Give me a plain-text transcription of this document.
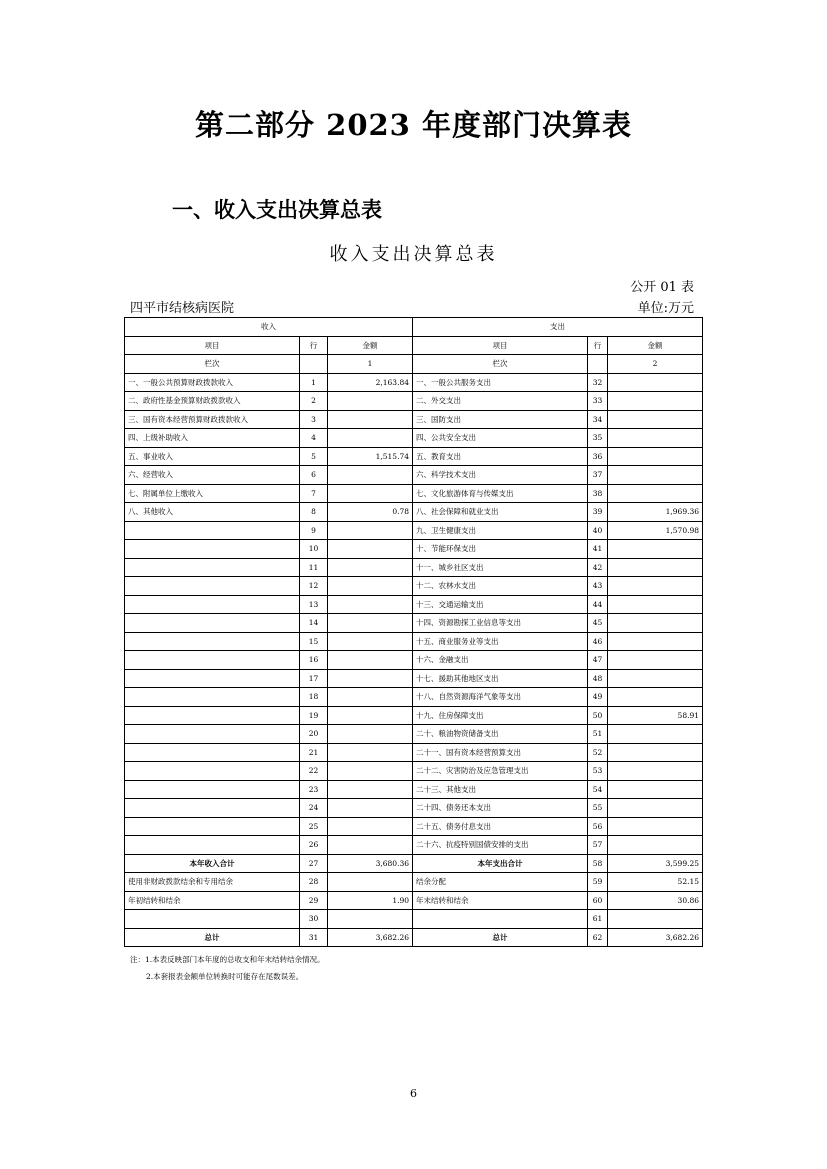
第二部分 2023 年度部门决算表
一、收入支出决算总表
收入支出决算总表
公开 01 表
四平市结核病医院	单位:万元
收入			支出		
项目	行	金额	项目	行	金额
栏次		1	栏次		2
一、一般公共预算财政拨款收入	1	2,163.84	一、一般公共服务支出	32	
二、政府性基金预算财政拨款收入	2		二、外交支出	33	
三、国有资本经营预算财政拨款收入	3		三、国防支出	34	
四、上级补助收入	4		四、公共安全支出	35	
五、事业收入	5	1,515.74	五、教育支出	36	
六、经营收入	6		六、科学技术支出	37	
七、附属单位上缴收入	7		七、文化旅游体育与传媒支出	38	
八、其他收入	8	0.78	八、社会保障和就业支出	39	1,969.36
	9		九、卫生健康支出	40	1,570.98
	10		十、节能环保支出	41	
	11		十一、城乡社区支出	42	
	12		十二、农林水支出	43	
	13		十三、交通运输支出	44	
	14		十四、资源勘探工业信息等支出	45	
	15		十五、商业服务业等支出	46	
	16		十六、金融支出	47	
	17		十七、援助其他地区支出	48	
	18		十八、自然资源海洋气象等支出	49	
	19		十九、住房保障支出	50	58.91
	20		二十、粮油物资储备支出	51	
	21		二十一、国有资本经营预算支出	52	
	22		二十二、灾害防治及应急管理支出	53	
	23		二十三、其他支出	54	
	24		二十四、债务还本支出	55	
	25		二十五、债务付息支出	56	
	26		二十六、抗疫特别国债安排的支出	57	
本年收入合计	27	3,680.36	本年支出合计	58	3,599.25
使用非财政拨款结余和专用结余	28		结余分配	59	52.15
年初结转和结余	29	1.90	年末结转和结余	60	30.86
	30			61	
总计	31	3,682.26	总计	62	3,682.26
注：1.本表反映部门本年度的总收支和年末结转结余情况。
2.本套报表金额单位转换时可能存在尾数误差。
6
